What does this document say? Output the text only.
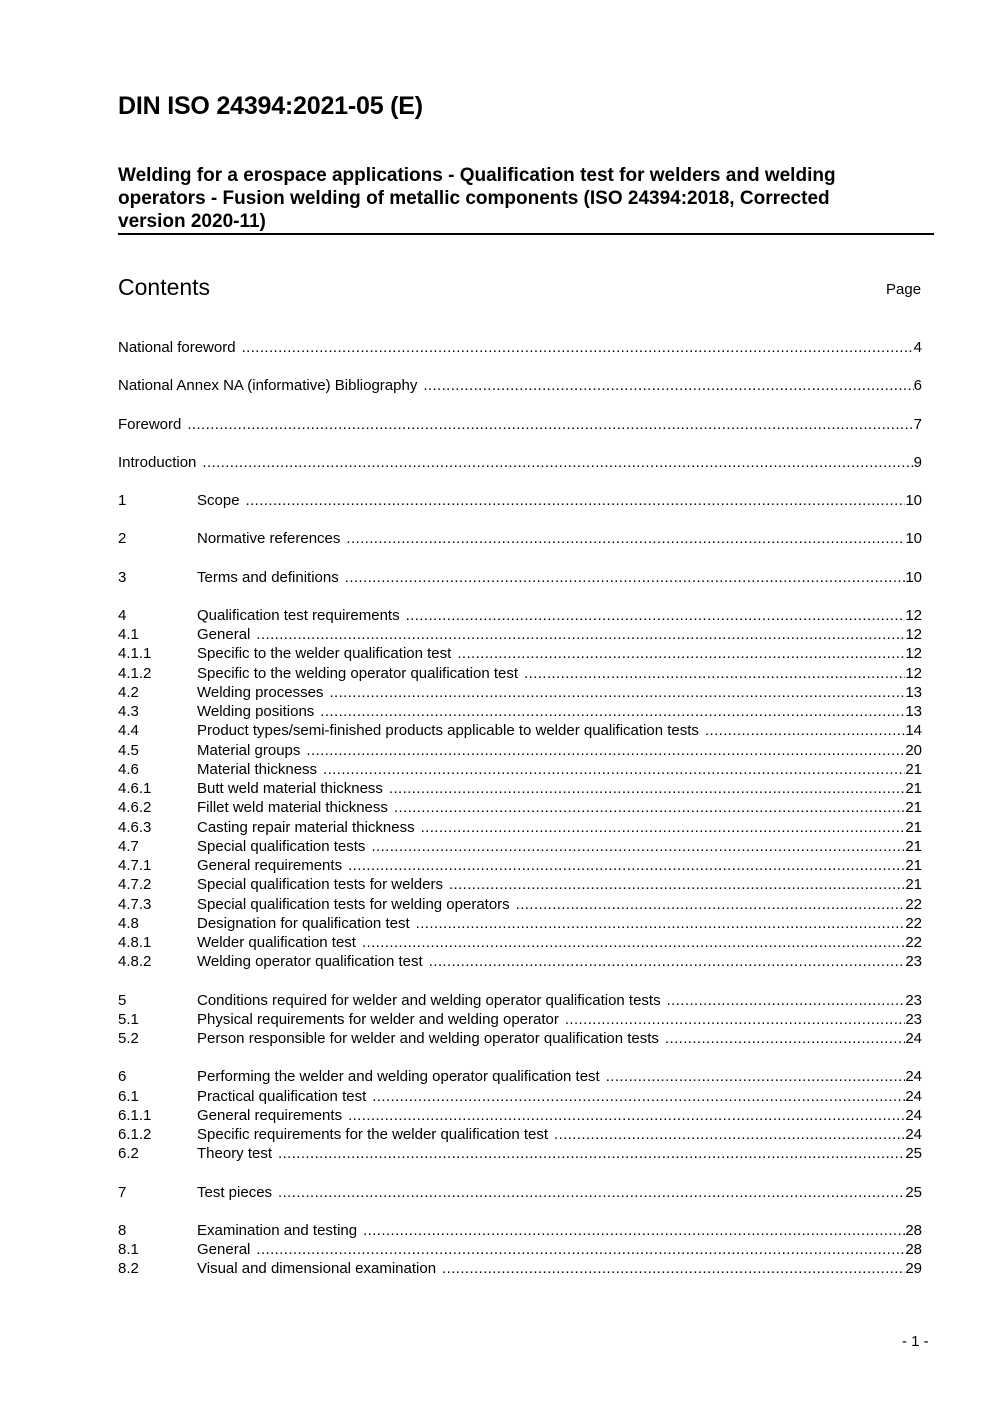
DIN ISO 24394:2021-05 (E)
Welding for a erospace applications - Qualification test for welders and welding operators - Fusion welding of metallic components (ISO 24394:2018, Corrected version 2020-11)
Contents	Page
National foreword .....	4
National Annex NA (informative) Bibliography .....	6
Foreword .....	7
Introduction .....	9
1	Scope .....	10
2	Normative references .....	10
3	Terms and definitions .....	10
4	Qualification test requirements .....	12
4.1	General .....	12
4.1.1	Specific to the welder qualification test .....	12
4.1.2	Specific to the welding operator qualification test .....	12
4.2	Welding processes .....	13
4.3	Welding positions .....	13
4.4	Product types/semi-finished products applicable to welder qualification tests .....	14
4.5	Material groups .....	20
4.6	Material thickness .....	21
4.6.1	Butt weld material thickness .....	21
4.6.2	Fillet weld material thickness .....	21
4.6.3	Casting repair material thickness .....	21
4.7	Special qualification tests .....	21
4.7.1	General requirements .....	21
4.7.2	Special qualification tests for welders .....	21
4.7.3	Special qualification tests for welding operators .....	22
4.8	Designation for qualification test .....	22
4.8.1	Welder qualification test .....	22
4.8.2	Welding operator qualification test .....	23
5	Conditions required for welder and welding operator qualification tests .....	23
5.1	Physical requirements for welder and welding operator .....	23
5.2	Person responsible for welder and welding operator qualification tests .....	24
6	Performing the welder and welding operator qualification test .....	24
6.1	Practical qualification test .....	24
6.1.1	General requirements .....	24
6.1.2	Specific requirements for the welder qualification test .....	24
6.2	Theory test .....	25
7	Test pieces .....	25
8	Examination and testing .....	28
8.1	General .....	28
8.2	Visual and dimensional examination .....	29
- 1 -
